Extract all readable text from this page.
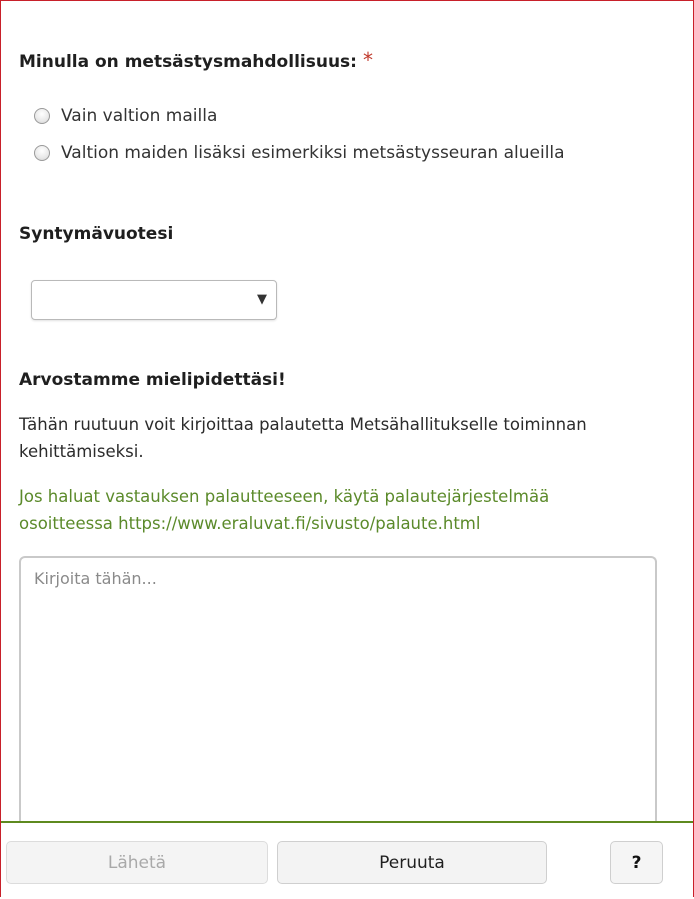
Minulla on metsästysmahdollisuus: *
Vain valtion mailla
Valtion maiden lisäksi esimerkiksi metsästysseuran alueilla
Syntymävuotesi
▼
Arvostamme mielipidettäsi!
Tähän ruutuun voit kirjoittaa palautetta Metsähallitukselle toiminnan kehittämiseksi.
Jos haluat vastauksen palautteeseen, käytä palautejärjestelmää osoitteessa https://www.eraluvat.fi/sivusto/palaute.html
Kirjoita tähän...
Lähetä	Peruuta	?
